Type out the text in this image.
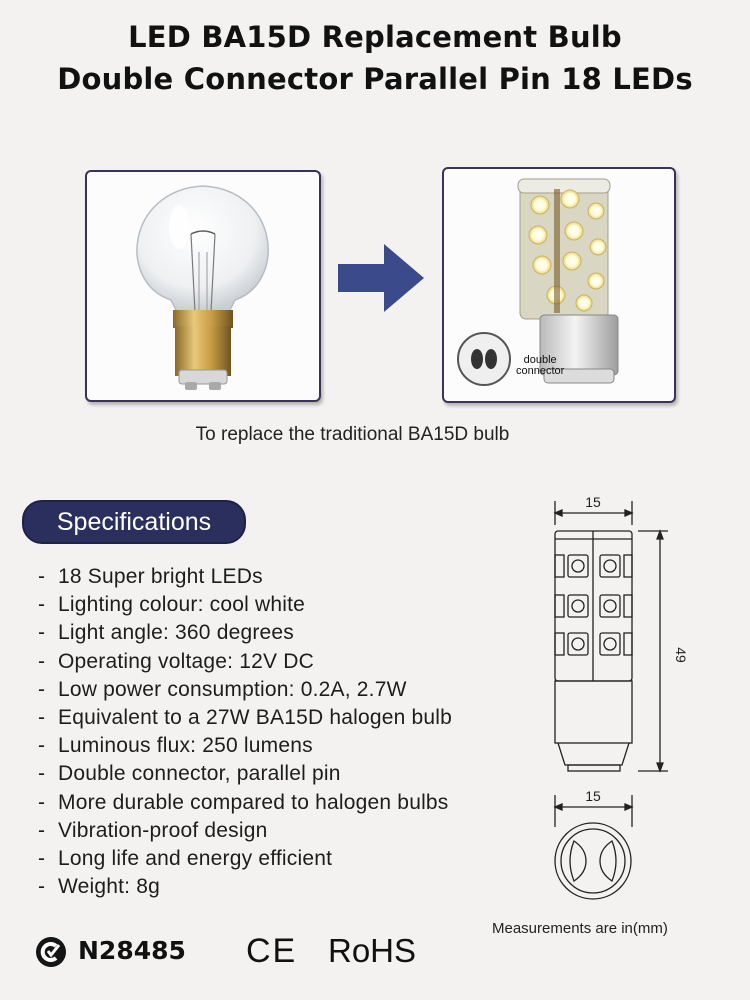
LED BA15D Replacement Bulb
Double Connector Parallel Pin 18 LEDs
double
connector
To replace the traditional BA15D bulb
Specifications
- 18 Super bright LEDs
- Lighting colour: cool white
- Light angle: 360 degrees
- Operating voltage: 12V DC
- Low power consumption: 0.2A, 2.7W
- Equivalent to a 27W BA15D halogen bulb
- Luminous flux: 250 lumens
- Double connector, parallel pin
- More durable compared to halogen bulbs
- Vibration-proof design
- Long life and energy efficient
- Weight: 8g
15
49
15
Measurements are in(mm)
N28485 CE RoHS
